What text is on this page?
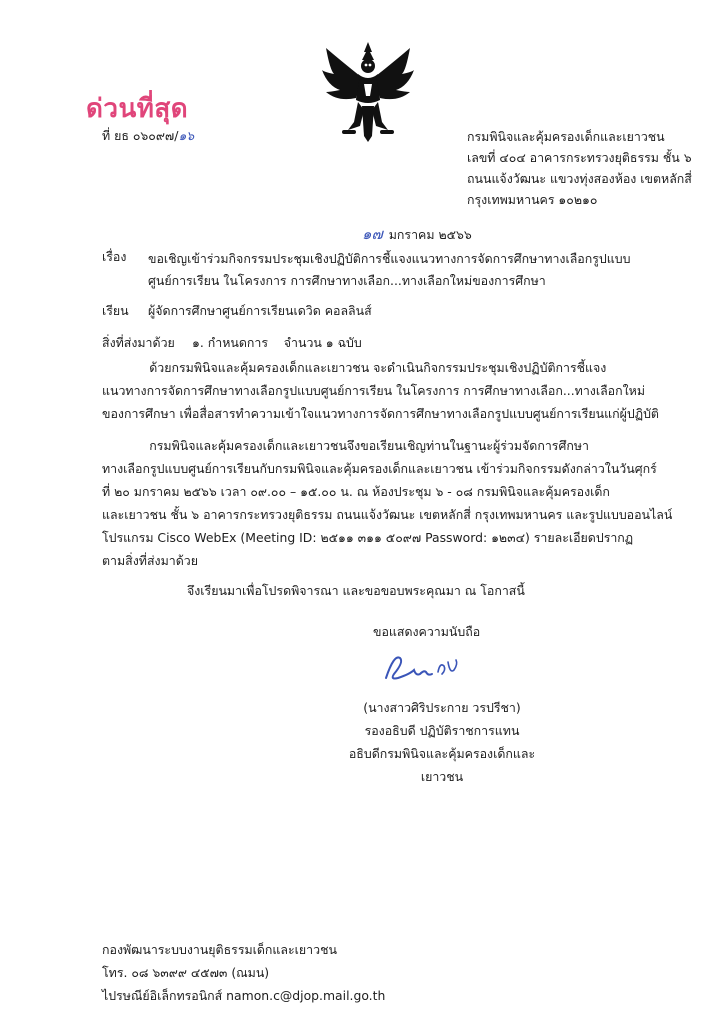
ด่วนที่สุด
ที่ ยธ ๐๖๐๙๗/๑๖	กรมพินิจและคุ้มครองเด็กและเยาวชน
เลขที่ ๔๐๔ อาคารกระทรวงยุติธรรม ชั้น ๖
ถนนแจ้งวัฒนะ แขวงทุ่งสองห้อง เขตหลักสี่
กรุงเทพมหานคร ๑๐๒๑๐
๑๗ มกราคม ๒๕๖๖
เรื่อง ขอเชิญเข้าร่วมกิจกรรมประชุมเชิงปฏิบัติการชี้แจงแนวทางการจัดการศึกษาทางเลือกรูปแบบ
ศูนย์การเรียน ในโครงการ การศึกษาทางเลือก...ทางเลือกใหม่ของการศึกษา
เรียน ผู้จัดการศึกษาศูนย์การเรียนเดวิด คอลลินส์
สิ่งที่ส่งมาด้วย ๑. กำหนดการ    จำนวน ๑ ฉบับ
ด้วยกรมพินิจและคุ้มครองเด็กและเยาวชน จะดำเนินกิจกรรมประชุมเชิงปฏิบัติการชี้แจง
แนวทางการจัดการศึกษาทางเลือกรูปแบบศูนย์การเรียน ในโครงการ การศึกษาทางเลือก...ทางเลือกใหม่
ของการศึกษา เพื่อสื่อสารทำความเข้าใจแนวทางการจัดการศึกษาทางเลือกรูปแบบศูนย์การเรียนแก่ผู้ปฏิบัติ
กรมพินิจและคุ้มครองเด็กและเยาวชนจึงขอเรียนเชิญท่านในฐานะผู้ร่วมจัดการศึกษา
ทางเลือกรูปแบบศูนย์การเรียนกับกรมพินิจและคุ้มครองเด็กและเยาวชน เข้าร่วมกิจกรรมดังกล่าวในวันศุกร์
ที่ ๒๐ มกราคม ๒๕๖๖ เวลา ๐๙.๐๐ – ๑๕.๐๐ น. ณ ห้องประชุม ๖ - ๐๘ กรมพินิจและคุ้มครองเด็ก
และเยาวชน ชั้น ๖ อาคารกระทรวงยุติธรรม ถนนแจ้งวัฒนะ เขตหลักสี่ กรุงเทพมหานคร และรูปแบบออนไลน์
โปรแกรม Cisco WebEx (Meeting ID: ๒๕๑๑ ๓๑๑ ๕๐๙๗ Password: ๑๒๓๔) รายละเอียดปรากฏ
ตามสิ่งที่ส่งมาด้วย
จึงเรียนมาเพื่อโปรดพิจารณา และขอขอบพระคุณมา ณ โอกาสนี้
ขอแสดงความนับถือ
(นางสาวศิริประกาย วรปรีชา)
รองอธิบดี ปฏิบัติราชการแทน
อธิบดีกรมพินิจและคุ้มครองเด็กและเยาวชน
กองพัฒนาระบบงานยุติธรรมเด็กและเยาวชน
โทร. ๐๘ ๖๓๙๙ ๔๕๗๓ (ณมน)
ไปรษณีย์อิเล็กทรอนิกส์ namon.c@djop.mail.go.th
